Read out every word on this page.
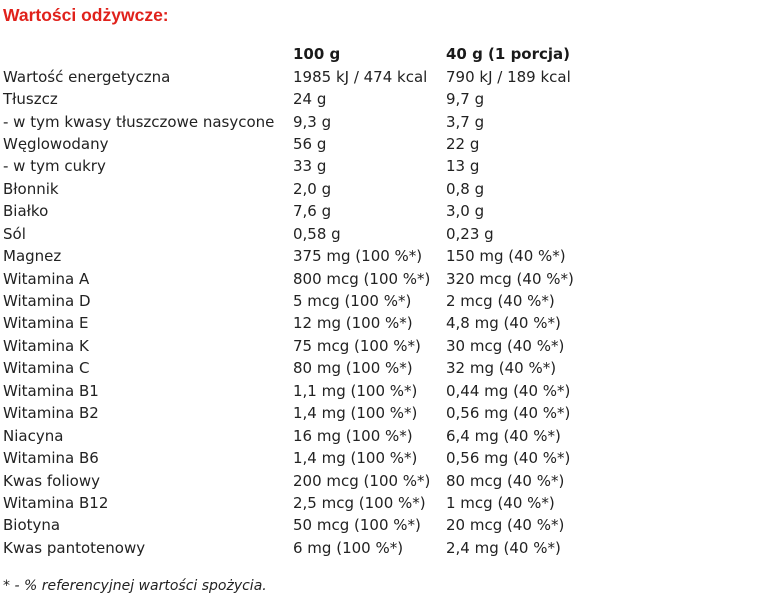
Wartości odżywcze:
	100 g	40 g (1 porcja)
Wartość energetyczna	1985 kJ / 474 kcal	790 kJ / 189 kcal
Tłuszcz	24 g	9,7 g
- w tym kwasy tłuszczowe nasycone	9,3 g	3,7 g
Węglowodany	56 g	22 g
- w tym cukry	33 g	13 g
Błonnik	2,0 g	0,8 g
Białko	7,6 g	3,0 g
Sól	0,58 g	0,23 g
Magnez	375 mg (100 %*)	150 mg (40 %*)
Witamina A	800 mcg (100 %*)	320 mcg (40 %*)
Witamina D	5 mcg (100 %*)	2 mcg (40 %*)
Witamina E	12 mg (100 %*)	4,8 mg (40 %*)
Witamina K	75 mcg (100 %*)	30 mcg (40 %*)
Witamina C	80 mg (100 %*)	32 mg (40 %*)
Witamina B1	1,1 mg (100 %*)	0,44 mg (40 %*)
Witamina B2	1,4 mg (100 %*)	0,56 mg (40 %*)
Niacyna	16 mg (100 %*)	6,4 mg (40 %*)
Witamina B6	1,4 mg (100 %*)	0,56 mg (40 %*)
Kwas foliowy	200 mcg (100 %*)	80 mcg (40 %*)
Witamina B12	2,5 mcg (100 %*)	1 mcg (40 %*)
Biotyna	50 mcg (100 %*)	20 mcg (40 %*)
Kwas pantotenowy	6 mg (100 %*)	2,4 mg (40 %*)

* - % referencyjnej wartości spożycia.
